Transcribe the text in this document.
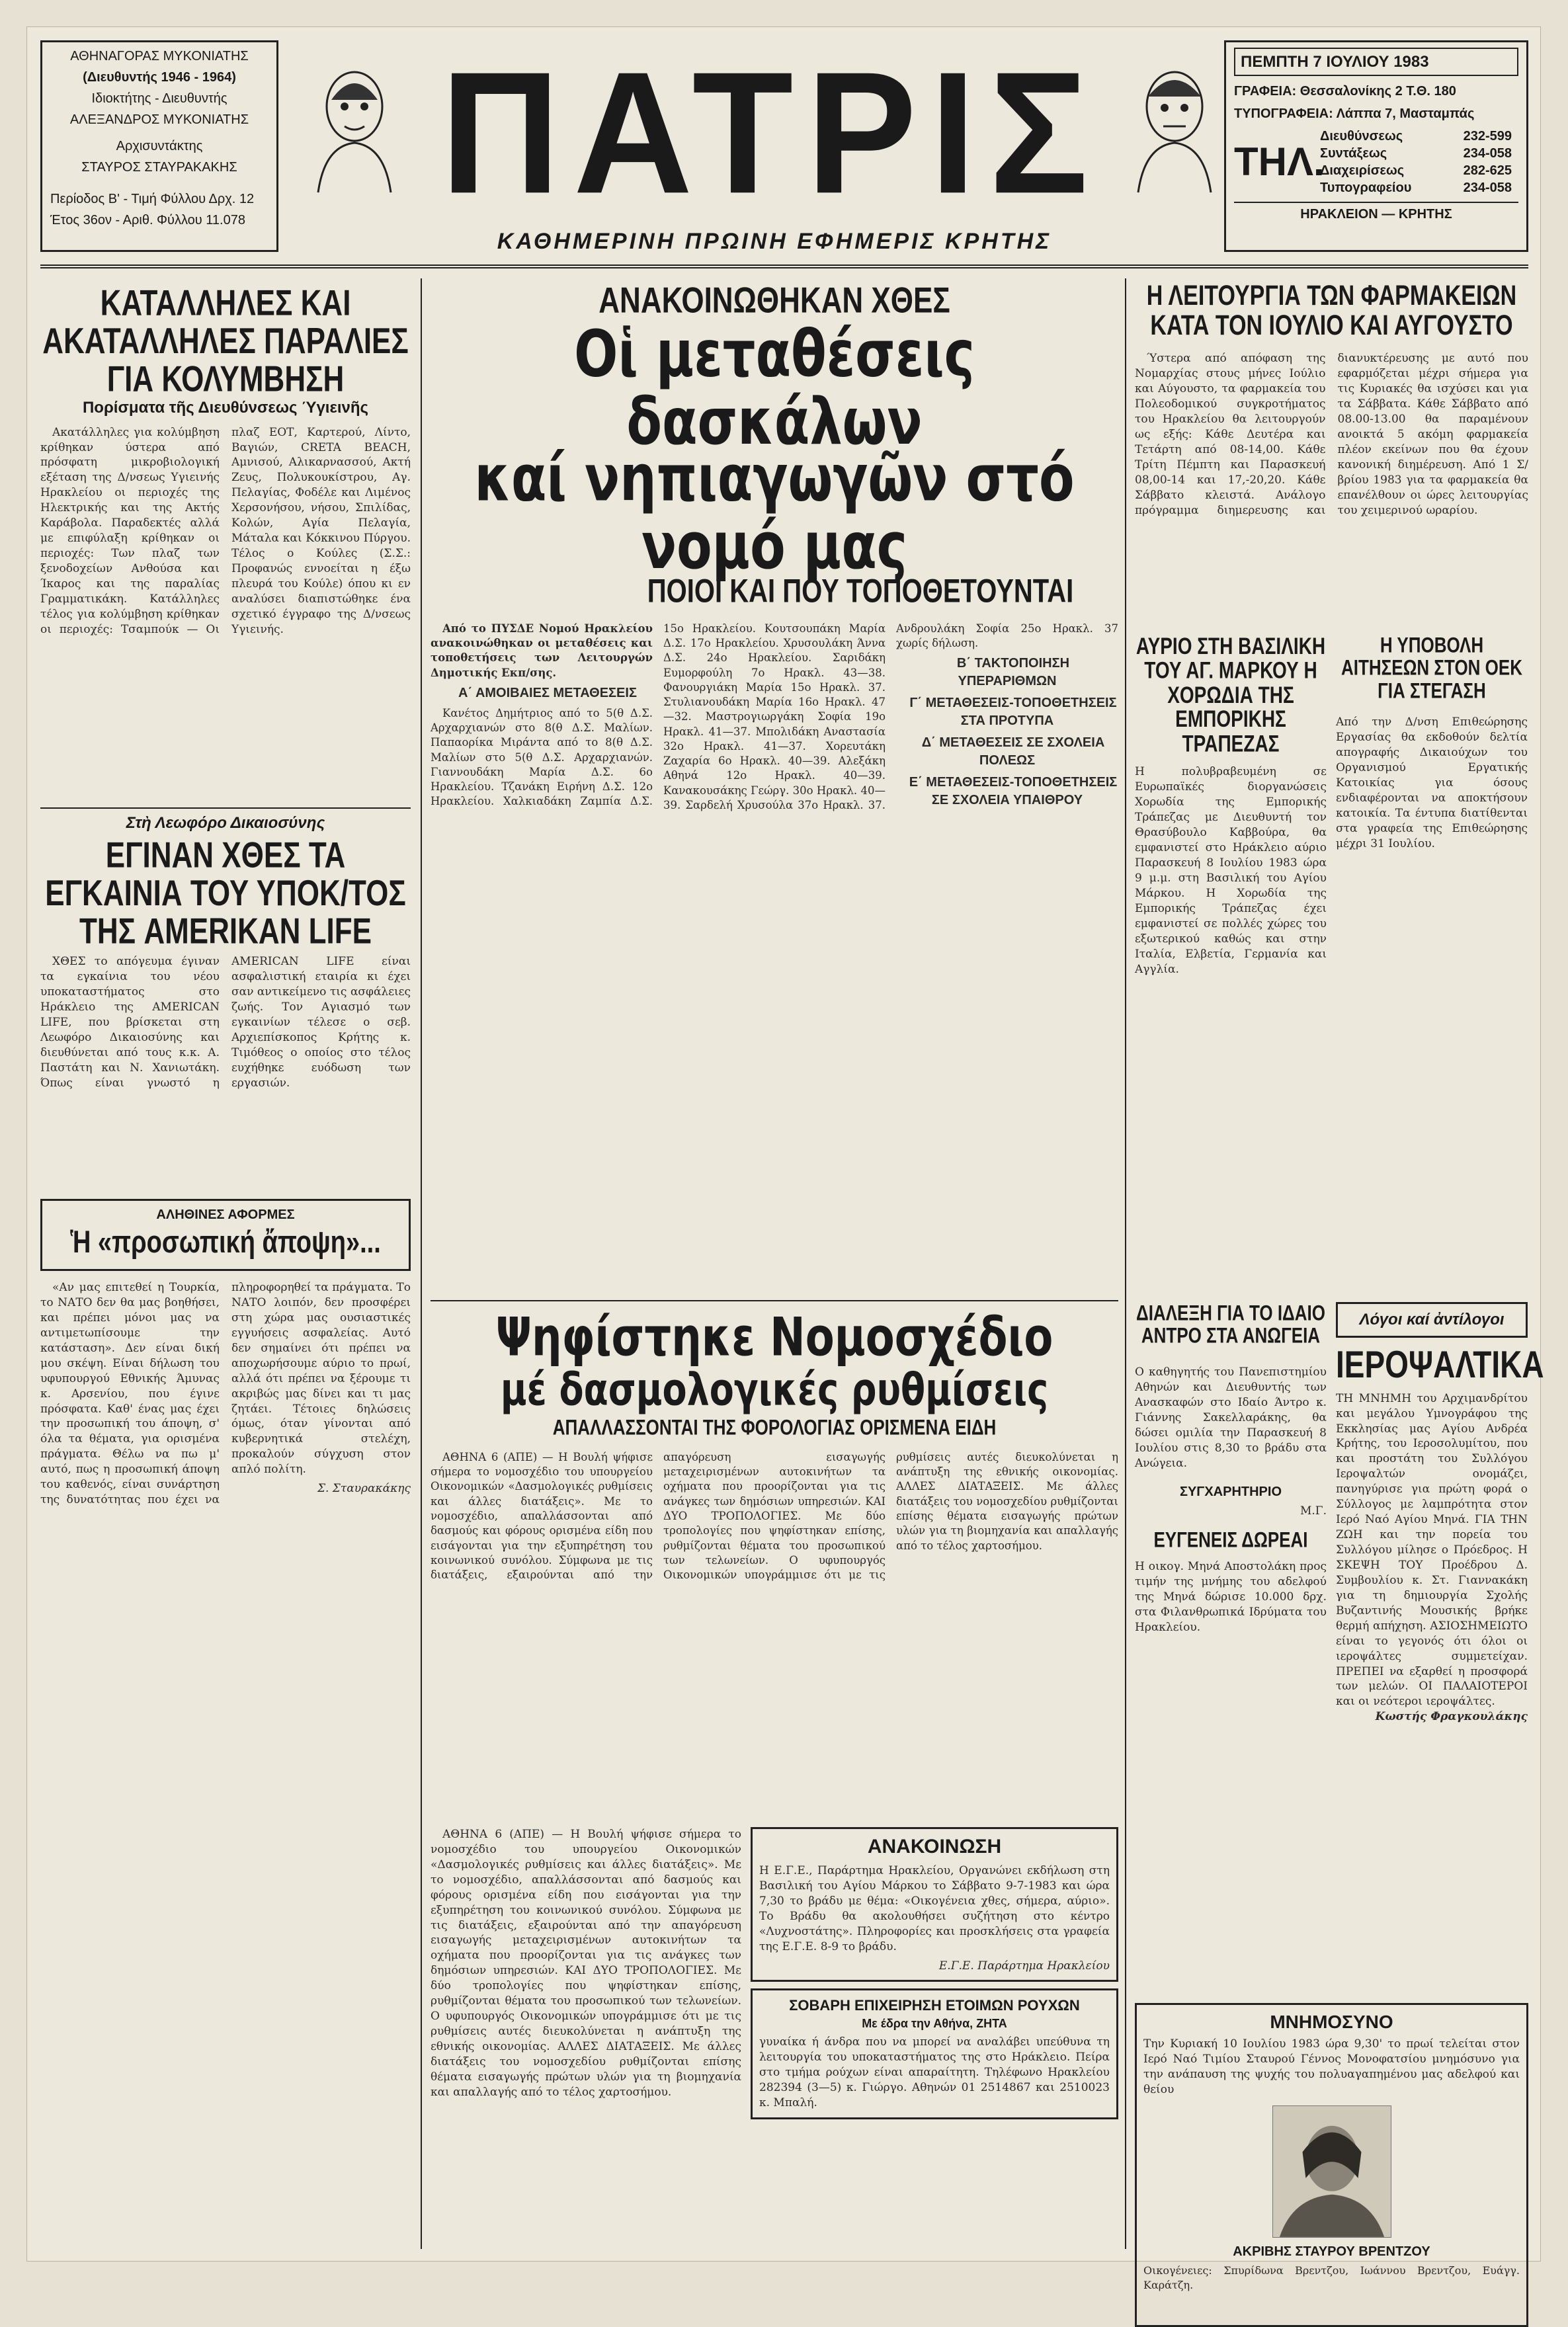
ΑΘΗΝΑΓΟΡΑΣ ΜΥΚΟΝΙΑΤΗΣ

(Διευθυντής 1946 - 1964)

Ιδιοκτήτης - Διευθυντής

ΑΛΕΞΑΝΔΡΟΣ ΜΥΚΟΝΙΑΤΗΣ

Αρχισυντάκτης

ΣΤΑΥΡΟΣ ΣΤΑΥΡΑΚΑΚΗΣ

Περίοδος Β' - Τιμή Φύλλου Δρχ. 12

Έτος 36ον - Αριθ. Φύλλου 11.078 ΠΑΤΡΙΣ
ΚΑΘΗΜΕΡΙΝΗ ΠΡΩΙΝΗ ΕΦΗΜΕΡΙΣ ΚΡΗΤΗΣ
ΠΕΜΠΤΗ 7 ΙΟΥΛΙΟΥ 1983
ΓΡΑΦΕΙΑ: Θεσσαλονίκης 2 Τ.Θ. 180
ΤΥΠΟΓΡΑΦΕΙΑ: Λάππα 7, Μασταμπάς
ΤΗΛ.
Διευθύνσεως	232-599
Συντάξεως	234-058
Διαχειρίσεως	282-625
Τυπογραφείου	234-058
ΗΡΑΚΛΕΙΟΝ — ΚΡΗΤΗΣ
ΚΑΤΑΛΛΗΛΕΣ ΚΑΙ ΑΚΑΤΑΛΛΗΛΕΣ ΠΑΡΑΛΙΕΣ ΓΙΑ ΚΟΛΥΜΒΗΣΗ
Πορίσματα τῆς Διευθύνσεως Ύγιεινῆς

Ακατάλληλες για κολύμβηση κρίθηκαν ύστερα από πρόσφατη μικροβιολογική εξέταση της Δ/νσεως Υγιεινής Ηρακλείου οι περιοχές της Ηλεκτρικής και της Ακτής Καράβολα. Παραδεκτές αλλά με επιφύλαξη κρίθηκαν οι περιοχές: Των πλαζ των ξενοδοχείων Ανθούσα και Ίκαρος και της παραλίας Γραμματικάκη. Κατάλληλες τέλος για κολύμβηση κρίθηκαν οι περιοχές: Τσαμπούκ — Οι πλαζ ΕΟΤ, Καρτερού, Λίντο, Βαγιών, CRETA BEACH, Αμνισού, Αλικαρνασσού, Ακτή Ζευς, Πολυκουκίστρου, Αγ. Πελαγίας, Φοδέλε και Λιμένος Χερσονήσου, νήσου, Σπιλίδας, Κολών, Αγία Πελαγία, Μάταλα και Κόκκινου Πύργου. Τέλος ο Κούλες (Σ.Σ.: Προφανώς εννοείται η έξω πλευρά του Κούλε) όπου κι εν αναλύσει διαπιστώθηκε ένα σχετικό έγγραφο της Δ/νσεως Υγιεινής.

Στὴ Λεωφόρο Δικαιοσύνης
ΕΓΙΝΑΝ ΧΘΕΣ ΤΑ ΕΓΚΑΙΝΙΑ ΤΟΥ ΥΠΟΚ/ΤΟΣ ΤΗΣ AMERIKAN LIFE

ΧΘΕΣ το απόγευμα έγιναν τα εγκαίνια του νέου υποκαταστήματος στο Ηράκλειο της AMERICAN LIFE, που βρίσκεται στη Λεωφόρο Δικαιοσύνης και διευθύνεται από τους κ.κ. Α. Παστάτη και Ν. Χανιωτάκη. Όπως είναι γνωστό η AMERICAN LIFE είναι ασφαλιστική εταιρία κι έχει σαν αντικείμενο τις ασφάλειες ζωής. Τον Αγιασμό των εγκαινίων τέλεσε ο σεβ. Αρχιεπίσκοπος Κρήτης κ. Τιμόθεος ο οποίος στο τέλος ευχήθηκε ευόδωση των εργασιών.

ΑΛΗΘΙΝΕΣ ΑΦΟΡΜΕΣ
Ἡ «προσωπική ἄποψη»...

«Αν μας επιτεθεί η Τουρκία, το ΝΑΤΟ δεν θα μας βοηθήσει, και πρέπει μόνοι μας να αντιμετωπίσουμε την κατάσταση». Δεν είναι δική μου σκέψη. Είναι δήλωση του υφυπουργού Εθνικής Άμυνας κ. Αρσενίου, που έγινε πρόσφατα. Καθ' ένας μας έχει την προσωπική του άποψη, σ' όλα τα θέματα, για ορισμένα πράγματα. Θέλω να πω μ' αυτό, πως η προσωπική άποψη του καθενός, είναι συνάρτηση της δυνατότητας που έχει να πληροφορηθεί τα πράγματα. Το ΝΑΤΟ λοιπόν, δεν προσφέρει στη χώρα μας ουσιαστικές εγγυήσεις ασφαλείας. Αυτό δεν σημαίνει ότι πρέπει να αποχωρήσουμε αύριο το πρωί, αλλά ότι πρέπει να ξέρουμε τι ακριβώς μας δίνει και τι μας ζητάει. Τέτοιες δηλώσεις όμως, όταν γίνονται από κυβερνητικά στελέχη, προκαλούν σύγχυση στον απλό πολίτη.

Σ. Σταυρακάκης

ΑΝΑΚΟΙΝΩΘΗΚΑΝ ΧΘΕΣ
Οἱ μεταθέσεις δασκάλων
καί νηπιαγωγῶν στό νομό μας
ΠΟΙΟΙ ΚΑΙ ΠΟΥ ΤΟΠΟΘΕΤΟΥΝΤΑΙ

Από το ΠΥΣΔΕ Νομού Ηρακλείου ανακοινώθηκαν οι μεταθέσεις και τοποθετήσεις των Λειτουργών Δημοτικής Εκπ/σης.

Α΄ ΑΜΟΙΒΑΙΕΣ ΜΕΤΑΘΕΣΕΙΣ

Κανέτος Δημήτριος από το 5(θ Δ.Σ. Αρχαρχιανών στο 8(θ Δ.Σ. Μαλίων. Παπαορίκα Μιράντα από το 8(θ Δ.Σ. Μαλίων στο 5(θ Δ.Σ. Αρχαρχιανών. Γιαννουδάκη Μαρία Δ.Σ. 6ο Ηρακλείου. Τζανάκη Ειρήνη Δ.Σ. 12ο Ηρακλείου. Χαλκιαδάκη Ζαμπία Δ.Σ. 15ο Ηρακλείου. Κουτσουπάκη Μαρία Δ.Σ. 17ο Ηρακλείου. Χρυσουλάκη Άννα Δ.Σ. 24ο Ηρακλείου. Σαριδάκη Ευμορφούλη 7ο Ηρακλ. 43—38. Φανουργιάκη Μαρία 15ο Ηρακλ. 37. Στυλιανουδάκη Μαρία 16ο Ηρακλ. 47—32. Μαστρογιωργάκη Σοφία 19ο Ηρακλ. 41—37. Μπολιδάκη Αναστασία 32ο Ηρακλ. 41—37. Χορευτάκη Ζαχαρία 6ο Ηρακλ. 40—39. Αλεξάκη Αθηνά 12ο Ηρακλ. 40—39. Κανακουσάκης Γεώργ. 30ο Ηρακλ. 40—39. Σαρδελή Χρυσούλα 37ο Ηρακλ. 37. Ανδρουλάκη Σοφία 25ο Ηρακλ. 37 χωρίς δήλωση.

Β΄ ΤΑΚΤΟΠΟΙΗΣΗ ΥΠΕΡΑΡΙΘΜΩΝ

Γ΄ ΜΕΤΑΘΕΣΕΙΣ-ΤΟΠΟΘΕΤΗΣΕΙΣ ΣΤΑ ΠΡΟΤΥΠΑ

Δ΄ ΜΕΤΑΘΕΣΕΙΣ ΣΕ ΣΧΟΛΕΙΑ ΠΟΛΕΩΣ

Ε΄ ΜΕΤΑΘΕΣΕΙΣ-ΤΟΠΟΘΕΤΗΣΕΙΣ ΣΕ ΣΧΟΛΕΙΑ ΥΠΑΙΘΡΟΥ

Ψηφίστηκε Νομοσχέδιο
μέ δασμολογικές ρυθμίσεις
ΑΠΑΛΛΑΣΣΟΝΤΑΙ ΤΗΣ ΦΟΡΟΛΟΓΙΑΣ ΟΡΙΣΜΕΝΑ ΕΙΔΗ

ΑΘΗΝΑ 6 (ΑΠΕ) — Η Βουλή ψήφισε σήμερα το νομοσχέδιο του υπουργείου Οικονομικών «Δασμολογικές ρυθμίσεις και άλλες διατάξεις». Με το νομοσχέδιο, απαλλάσσονται από δασμούς και φόρους ορισμένα είδη που εισάγονται για την εξυπηρέτηση του κοινωνικού συνόλου. Σύμφωνα με τις διατάξεις, εξαιρούνται από την απαγόρευση εισαγωγής μεταχειρισμένων αυτοκινήτων τα οχήματα που προορίζονται για τις ανάγκες των δημόσιων υπηρεσιών. ΚΑΙ ΔΥΟ ΤΡΟΠΟΛΟΓΙΕΣ. Με δύο τροπολογίες που ψηφίστηκαν επίσης, ρυθμίζονται θέματα του προσωπικού των τελωνείων. Ο υφυπουργός Οικονομικών υπογράμμισε ότι με τις ρυθμίσεις αυτές διευκολύνεται η ανάπτυξη της εθνικής οικονομίας. ΑΛΛΕΣ ΔΙΑΤΑΞΕΙΣ. Με άλλες διατάξεις του νομοσχεδίου ρυθμίζονται επίσης θέματα εισαγωγής πρώτων υλών για τη βιομηχανία και απαλλαγής από το τέλος χαρτοσήμου.

ΑΘΗΝΑ 6 (ΑΠΕ) — Η Βουλή ψήφισε σήμερα το νομοσχέδιο του υπουργείου Οικονομικών «Δασμολογικές ρυθμίσεις και άλλες διατάξεις». Με το νομοσχέδιο, απαλλάσσονται από δασμούς και φόρους ορισμένα είδη που εισάγονται για την εξυπηρέτηση του κοινωνικού συνόλου. Σύμφωνα με τις διατάξεις, εξαιρούνται από την απαγόρευση εισαγωγής μεταχειρισμένων αυτοκινήτων τα οχήματα που προορίζονται για τις ανάγκες των δημόσιων υπηρεσιών. ΚΑΙ ΔΥΟ ΤΡΟΠΟΛΟΓΙΕΣ. Με δύο τροπολογίες που ψηφίστηκαν επίσης, ρυθμίζονται θέματα του προσωπικού των τελωνείων. Ο υφυπουργός Οικονομικών υπογράμμισε ότι με τις ρυθμίσεις αυτές διευκολύνεται η ανάπτυξη της εθνικής οικονομίας. ΑΛΛΕΣ ΔΙΑΤΑΞΕΙΣ. Με άλλες διατάξεις του νομοσχεδίου ρυθμίζονται επίσης θέματα εισαγωγής πρώτων υλών για τη βιομηχανία και απαλλαγής από το τέλος χαρτοσήμου.

ΑΝΑΚΟΙΝΩΣΗ
Η Ε.Γ.Ε., Παράρτημα Ηρακλείου, Οργανώνει εκδήλωση στη Βασιλική του Αγίου Μάρκου το Σάββατο 9-7-1983 και ώρα 7,30 το βράδυ με θέμα: «Οικογένεια χθες, σήμερα, αύριο». Το Βράδυ θα ακολουθήσει συζήτηση στο κέντρο «Λυχνοστάτης». Πληροφορίες και προσκλήσεις στα γραφεία της Ε.Γ.Ε. 8-9 το βράδυ.
Ε.Γ.Ε. Παράρτημα Ηρακλείου
ΣΟΒΑΡΗ ΕΠΙΧΕΙΡΗΣΗ ΕΤΟΙΜΩΝ ΡΟΥΧΩΝ
Με έδρα την Αθήνα, ΖΗΤΑ
γυναίκα ή άνδρα που να μπορεί να αναλάβει υπεύθυνα τη λειτουργία του υποκαταστήματος της στο Ηράκλειο. Πείρα στο τμήμα ρούχων είναι απαραίτητη. Τηλέφωνο Ηρακλείου 282394 (3—5) κ. Γιώργο. Αθηνών 01 2514867 και 2510023 κ. Μπαλή.
Η ΛΕΙΤΟΥΡΓΙΑ ΤΩΝ ΦΑΡΜΑΚΕΙΩΝ ΚΑΤΑ ΤΟΝ ΙΟΥΛΙΟ ΚΑΙ ΑΥΓΟΥΣΤΟ

Ύστερα από απόφαση της Νομαρχίας στους μήνες Ιούλιο και Αύγουστο, τα φαρμακεία του Πολεοδομικού συγκροτήματος του Ηρακλείου θα λειτουργούν ως εξής: Κάθε Δευτέρα και Τετάρτη από 08-14,00. Κάθε Τρίτη Πέμπτη και Παρασκευή 08,00-14 και 17,-20,20. Κάθε Σάββατο κλειστά. Ανάλογο πρόγραμμα διημερευσης και διανυκτέρευσης με αυτό που εφαρμόζεται μέχρι σήμερα για τις Κυριακές θα ισχύσει και για τα Σάββατα. Κάθε Σάββατο από 08.00-13.00 θα παραμένουν ανοικτά 5 ακόμη φαρμακεία πλέον εκείνων που θα έχουν κανονική διημέρευση. Από 1 Σ/βρίου 1983 για τα φαρμακεία θα επανέλθουν οι ώρες λειτουργίας του χειμερινού ωραρίου.

ΑΥΡΙΟ ΣΤΗ ΒΑΣΙΛΙΚΗ ΤΟΥ ΑΓ. ΜΑΡΚΟΥ Η ΧΟΡΩΔΙΑ ΤΗΣ ΕΜΠΟΡΙΚΗΣ ΤΡΑΠΕΖΑΣ
Η πολυβραβευμένη σε Ευρωπαϊκές διοργανώσεις Χορωδία της Εμπορικής Τράπεζας με Διευθυντή τον Θρασύβουλο Καββούρα, θα εμφανιστεί στο Ηράκλειο αύριο Παρασκευή 8 Ιουλίου 1983 ώρα 9 μ.μ. στη Βασιλική του Αγίου Μάρκου. Η Χορωδία της Εμπορικής Τράπεζας έχει εμφανιστεί σε πολλές χώρες του εξωτερικού καθώς και στην Ιταλία, Ελβετία, Γερμανία και Αγγλία.
Η ΥΠΟΒΟΛΗ ΑΙΤΗΣΕΩΝ ΣΤΟΝ ΟΕΚ ΓΙΑ ΣΤΕΓΑΣΗ
Από την Δ/νση Επιθεώρησης Εργασίας θα εκδοθούν δελτία απογραφής Δικαιούχων του Οργανισμού Εργατικής Κατοικίας για όσους ενδιαφέρονται να αποκτήσουν κατοικία. Τα έντυπα διατίθενται στα γραφεία της Επιθεώρησης μέχρι 31 Ιουλίου.
ΔΙΑΛΕΞΗ ΓΙΑ ΤΟ ΙΔΑΙΟ ΑΝΤΡΟ ΣΤΑ ΑΝΩΓΕΙΑ
Ο καθηγητής του Πανεπιστημίου Αθηνών και Διευθυντής των Ανασκαφών στο Ιδαίο Άντρο κ. Γιάννης Σακελλαράκης, θα δώσει ομιλία την Παρασκευή 8 Ιουλίου στις 8,30 το βράδυ στα Ανώγεια.
ΣΥΓΧΑΡΗΤΗΡΙΟ
Μ.Γ.
ΕΥΓΕΝΕΙΣ ΔΩΡΕΑΙ
Η οικογ. Μηνά Αποστολάκη προς τιμήν της μνήμης του αδελφού της Μηνά δώρισε 10.000 δρχ. στα Φιλανθρωπικά Ιδρύματα του Ηρακλείου.
Λόγοι καί ἀντίλογοι
ΙΕΡΟΨΑΛΤΙΚΑ
ΤΗ ΜΝΗΜΗ του Αρχιμανδρίτου και μεγάλου Υμνογράφου της Εκκλησίας μας Αγίου Ανδρέα Κρήτης, του Ιεροσολυμίτου, που και προστάτη του Συλλόγου Ιεροψαλτών ονομάζει, πανηγύρισε για πρώτη φορά ο Σύλλογος με λαμπρότητα στον Ιερό Ναό Αγίου Μηνά. ΓΙΑ ΤΗΝ ΖΩΗ και την πορεία του Συλλόγου μίλησε ο Πρόεδρος. Η ΣΚΕΨΗ ΤΟΥ Προέδρου Δ. Συμβουλίου κ. Στ. Γιαννακάκη για τη δημιουργία Σχολής Βυζαντινής Μουσικής βρήκε θερμή απήχηση. ΑΣΙΟΣΗΜΕΙΩΤΟ είναι το γεγονός ότι όλοι οι ιεροψάλτες συμμετείχαν. ΠΡΕΠΕΙ να εξαρθεί η προσφορά των μελών. ΟΙ ΠΑΛΑΙΟΤΕΡΟΙ και οι νεότεροι ιεροψάλτες.
Κωστής Φραγκουλάκης
ΜΝΗΜΟΣΥΝΟ
Την Κυριακή 10 Ιουλίου 1983 ώρα 9,30' το πρωί τελείται στον Ιερό Ναό Τιμίου Σταυρού Γέννος Μονοφατσίου μνημόσυνο για την ανάπαυση της ψυχής του πολυαγαπημένου μας αδελφού και θείου
ΑΚΡΙΒΗΣ ΣΤΑΥΡΟΥ ΒΡΕΝΤΖΟΥ
Οικογένειες: Σπυρίδωνα Βρεντζου, Ιωάννου Βρεντζου, Ευάγγ. Καράτζη.
